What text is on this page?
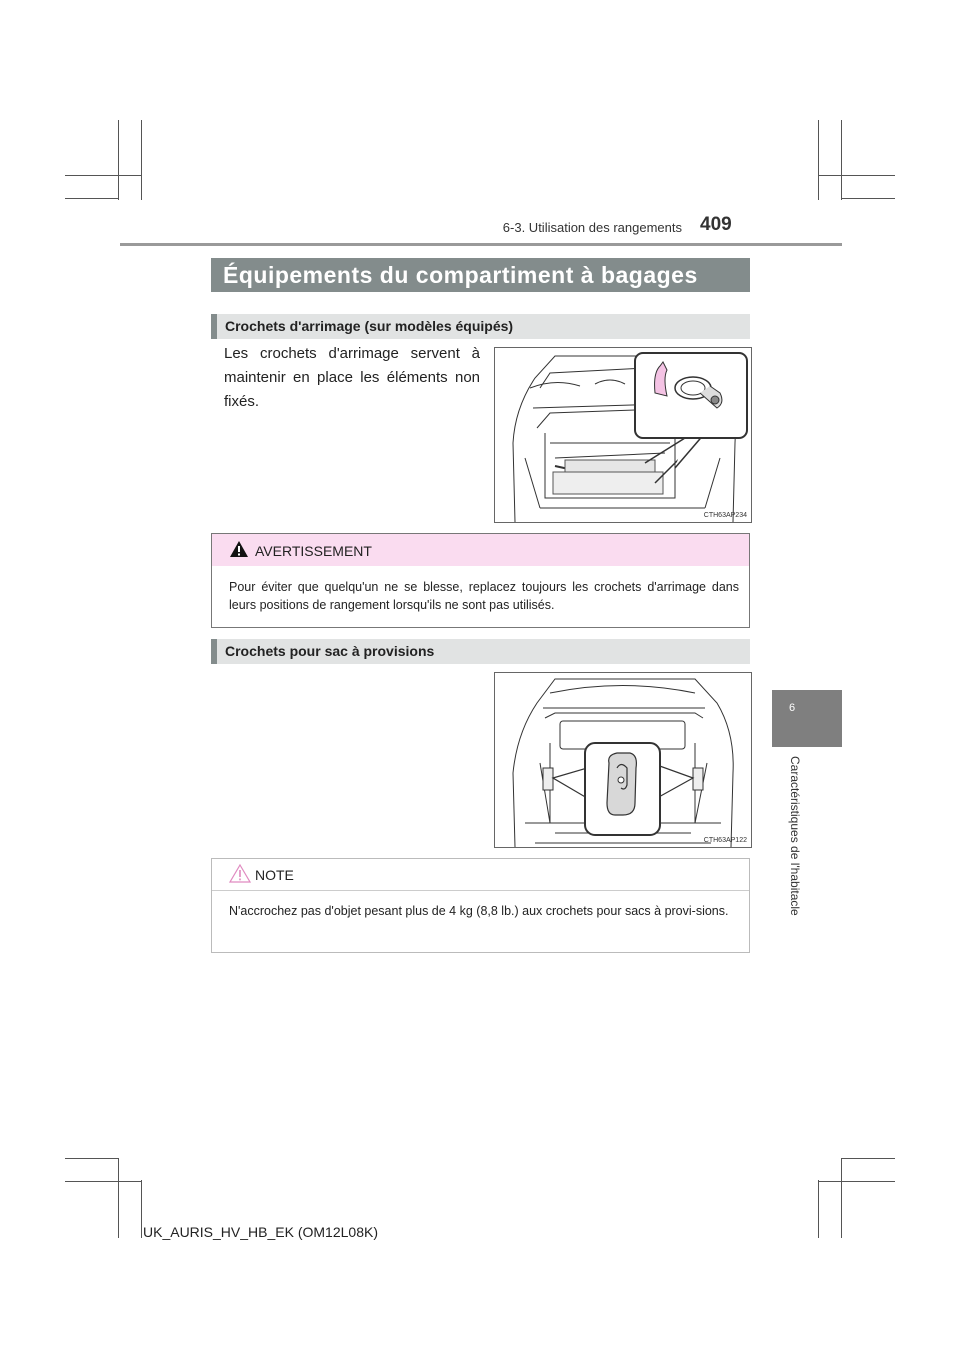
6-3. Utilisation des rangements 409
6
Caractéristiques de l'habitacle
Équipements du compartiment à bagages
Crochets d'arrimage (sur modèles équipés)
Les crochets d'arrimage servent à maintenir en place les éléments non fixés.
CTH63AP234
AVERTISSEMENT
Pour éviter que quelqu'un ne se blesse, replacez toujours les crochets d'arrimage dans leurs positions de rangement lorsqu'ils ne sont pas utilisés.
Crochets pour sac à provisions
CTH63AP122
NOTE
N'accrochez pas d'objet pesant plus de 4 kg (8,8 lb.) aux crochets pour sacs à provi-sions.
UK_AURIS_HV_HB_EK (OM12L08K)
